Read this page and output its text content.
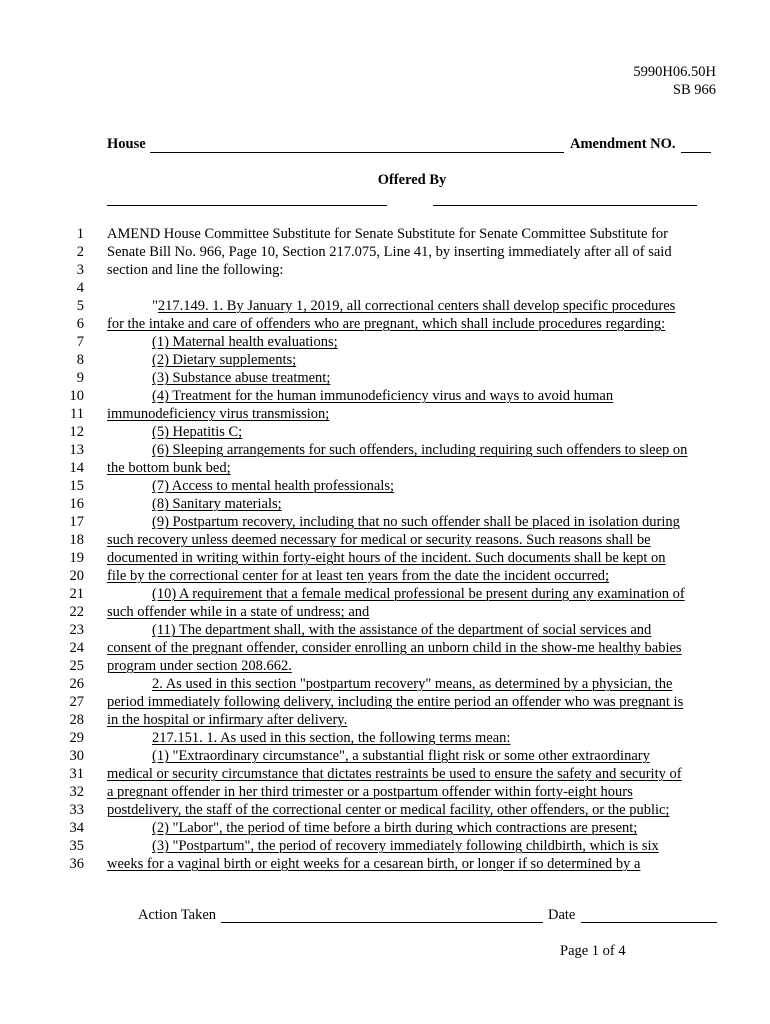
5990H06.50H
SB 966
House	Amendment NO.
Offered By
1 AMEND House Committee Substitute for Senate Substitute for Senate Committee Substitute for
2 Senate Bill No. 966, Page 10, Section 217.075, Line 41, by inserting immediately after all of said
3 section and line the following:
4
5	"217.149. 1. By January 1, 2019, all correctional centers shall develop specific procedures
6 for the intake and care of offenders who are pregnant, which shall include procedures regarding:
7	(1) Maternal health evaluations;
8	(2) Dietary supplements;
9	(3) Substance abuse treatment;
10	(4) Treatment for the human immunodeficiency virus and ways to avoid human
11 immunodeficiency virus transmission;
12	(5) Hepatitis C;
13	(6) Sleeping arrangements for such offenders, including requiring such offenders to sleep on
14 the bottom bunk bed;
15	(7) Access to mental health professionals;
16	(8) Sanitary materials;
17	(9) Postpartum recovery, including that no such offender shall be placed in isolation during
18 such recovery unless deemed necessary for medical or security reasons. Such reasons shall be
19 documented in writing within forty-eight hours of the incident. Such documents shall be kept on
20 file by the correctional center for at least ten years from the date the incident occurred;
21	(10) A requirement that a female medical professional be present during any examination of
22 such offender while in a state of undress; and
23	(11) The department shall, with the assistance of the department of social services and
24 consent of the pregnant offender, consider enrolling an unborn child in the show-me healthy babies
25 program under section 208.662.
26	2. As used in this section "postpartum recovery" means, as determined by a physician, the
27 period immediately following delivery, including the entire period an offender who was pregnant is
28 in the hospital or infirmary after delivery.
29	217.151. 1. As used in this section, the following terms mean:
30	(1) "Extraordinary circumstance", a substantial flight risk or some other extraordinary
31 medical or security circumstance that dictates restraints be used to ensure the safety and security of
32 a pregnant offender in her third trimester or a postpartum offender within forty-eight hours
33 postdelivery, the staff of the correctional center or medical facility, other offenders, or the public;
34	(2) "Labor", the period of time before a birth during which contractions are present;
35	(3) "Postpartum", the period of recovery immediately following childbirth, which is six
36 weeks for a vaginal birth or eight weeks for a cesarean birth, or longer if so determined by a
Action Taken	Date
Page 1 of 4
